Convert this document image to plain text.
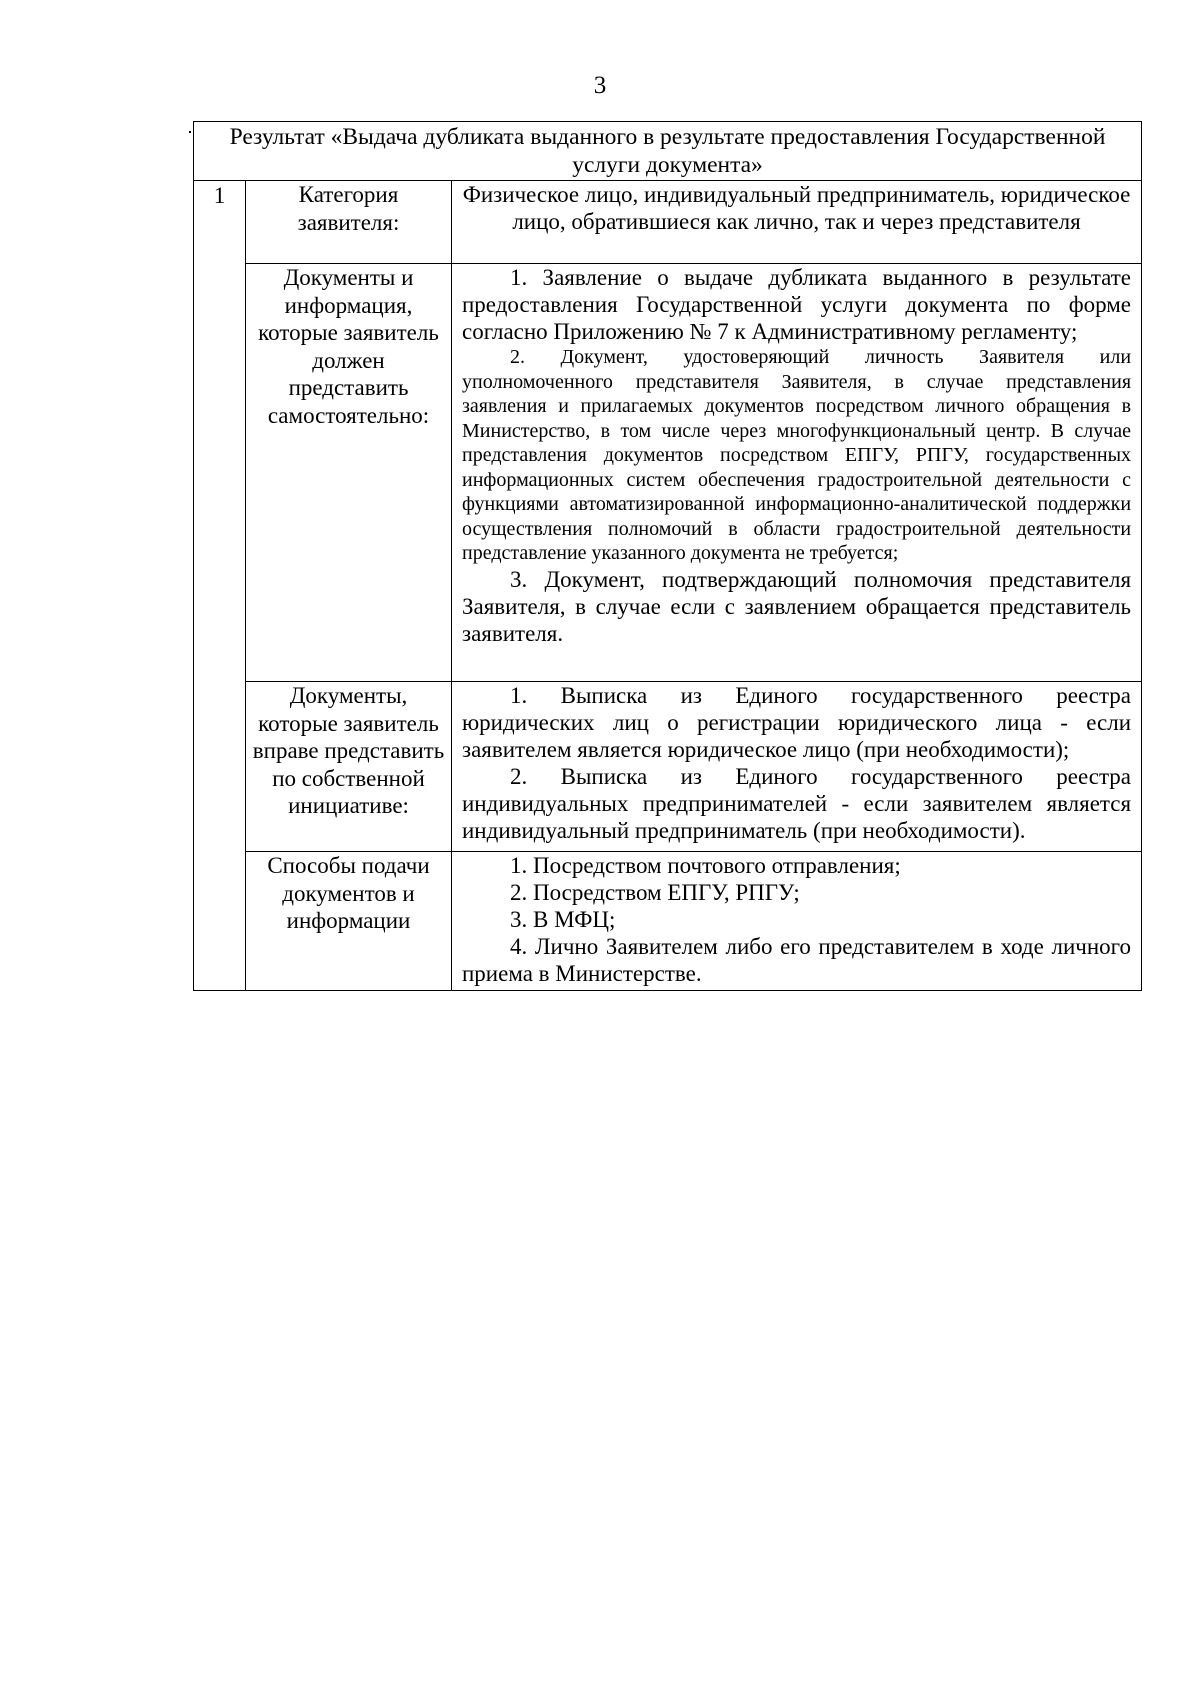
3
Результат «Выдача дубликата выданного в результате предоставления Государственной услуги документа»		
1	Категория заявителя:	Физическое лицо, индивидуальный предприниматель, юридическое лицо, обратившиеся как лично, так и через представителя

	Документы и информация, которые заявитель должен представить самостоятельно:	1. Заявление о выдаче дубликата выданного в результате предоставления Государственной услуги документа по форме согласно Приложению № 7 к Административному регламенту;

2. Документ, удостоверяющий личность Заявителя или уполномоченного представителя Заявителя, в случае представления заявления и прилагаемых документов посредством личного обращения в Министерство, в том числе через многофункциональный центр. В случае представления документов посредством ЕПГУ, РПГУ, государственных информационных систем обеспечения градостроительной деятельности с функциями автоматизированной информационно-аналитической поддержки осуществления полномочий в области градостроительной деятельности представление указанного документа не требуется;

3. Документ, подтверждающий полномочия представителя Заявителя, в случае если с заявлением обращается представитель заявителя.

	Документы, которые заявитель вправе представить по собственной инициативе:	1. Выписка из Единого государственного реестра юридических лиц о регистрации юридического лица - если заявителем является юридическое лицо (при необходимости);

2. Выписка из Единого государственного реестра индивидуальных предпринимателей - если заявителем является индивидуальный предприниматель (при необходимости).

	Способы подачи документов и информации	1. Посредством почтового отправления;

2. Посредством ЕПГУ, РПГУ;

3. В МФЦ;

4. Лично Заявителем либо его представителем в ходе личного приема в Министерстве.
